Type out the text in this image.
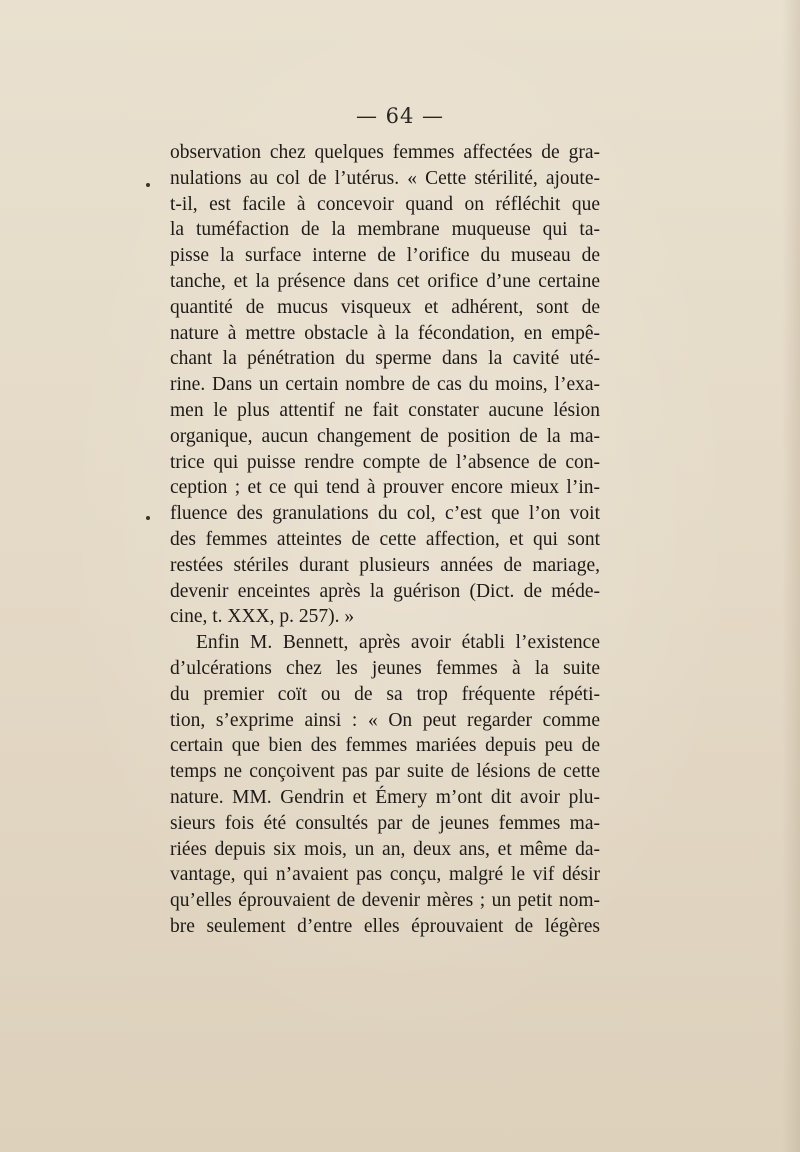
— 64 —
observation chez quelques femmes affectées de gra-
nulations au col de l’utérus. « Cette stérilité, ajoute-
t-il, est facile à concevoir quand on réfléchit que
la tuméfaction de la membrane muqueuse qui ta-
pisse la surface interne de l’orifice du museau de
tanche, et la présence dans cet orifice d’une certaine
quantité de mucus visqueux et adhérent, sont de
nature à mettre obstacle à la fécondation, en empê-
chant la pénétration du sperme dans la cavité uté-
rine. Dans un certain nombre de cas du moins, l’exa-
men le plus attentif ne fait constater aucune lésion
organique, aucun changement de position de la ma-
trice qui puisse rendre compte de l’absence de con-
ception ; et ce qui tend à prouver encore mieux l’in-
fluence des granulations du col, c’est que l’on voit
des femmes atteintes de cette affection, et qui sont
restées stériles durant plusieurs années de mariage,
devenir enceintes après la guérison (Dict. de méde-
cine, t. XXX, p. 257). »
Enfin M. Bennett, après avoir établi l’existence
d’ulcérations chez les jeunes femmes à la suite
du premier coït ou de sa trop fréquente répéti-
tion, s’exprime ainsi : « On peut regarder comme
certain que bien des femmes mariées depuis peu de
temps ne conçoivent pas par suite de lésions de cette
nature. MM. Gendrin et Émery m’ont dit avoir plu-
sieurs fois été consultés par de jeunes femmes ma-
riées depuis six mois, un an, deux ans, et même da-
vantage, qui n’avaient pas conçu, malgré le vif désir
qu’elles éprouvaient de devenir mères ; un petit nom-
bre seulement d’entre elles éprouvaient de légères
